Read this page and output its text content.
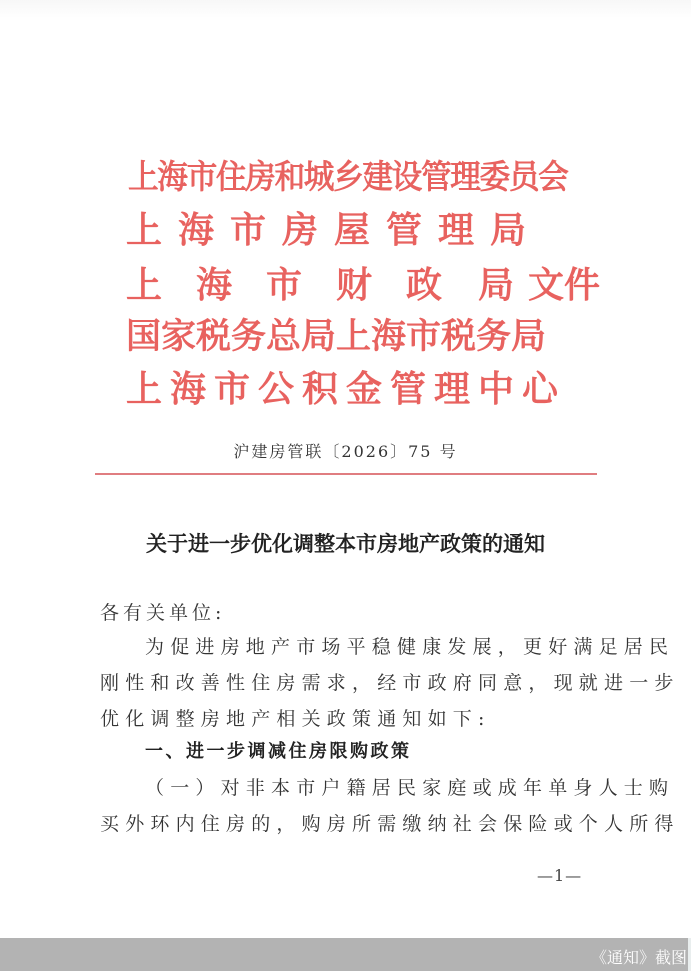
上海市住房和城乡建设管理委员会
上海市房屋管理局
上 海 市 财 政 局 文件
国家税务总局上海市税务局
上海市公积金管理中心
沪建房管联〔2026〕75 号
关于进一步优化调整本市房地产政策的通知
各有关单位:
为促进房地产市场平稳健康发展，更好满足居民
刚性和改善性住房需求，经市政府同意，现就进一步
优化调整房地产相关政策通知如下:
一、进一步调减住房限购政策
（一）对非本市户籍居民家庭或成年单身人士购
买外环内住房的，购房所需缴纳社会保险或个人所得
—1—
《通知》截图
